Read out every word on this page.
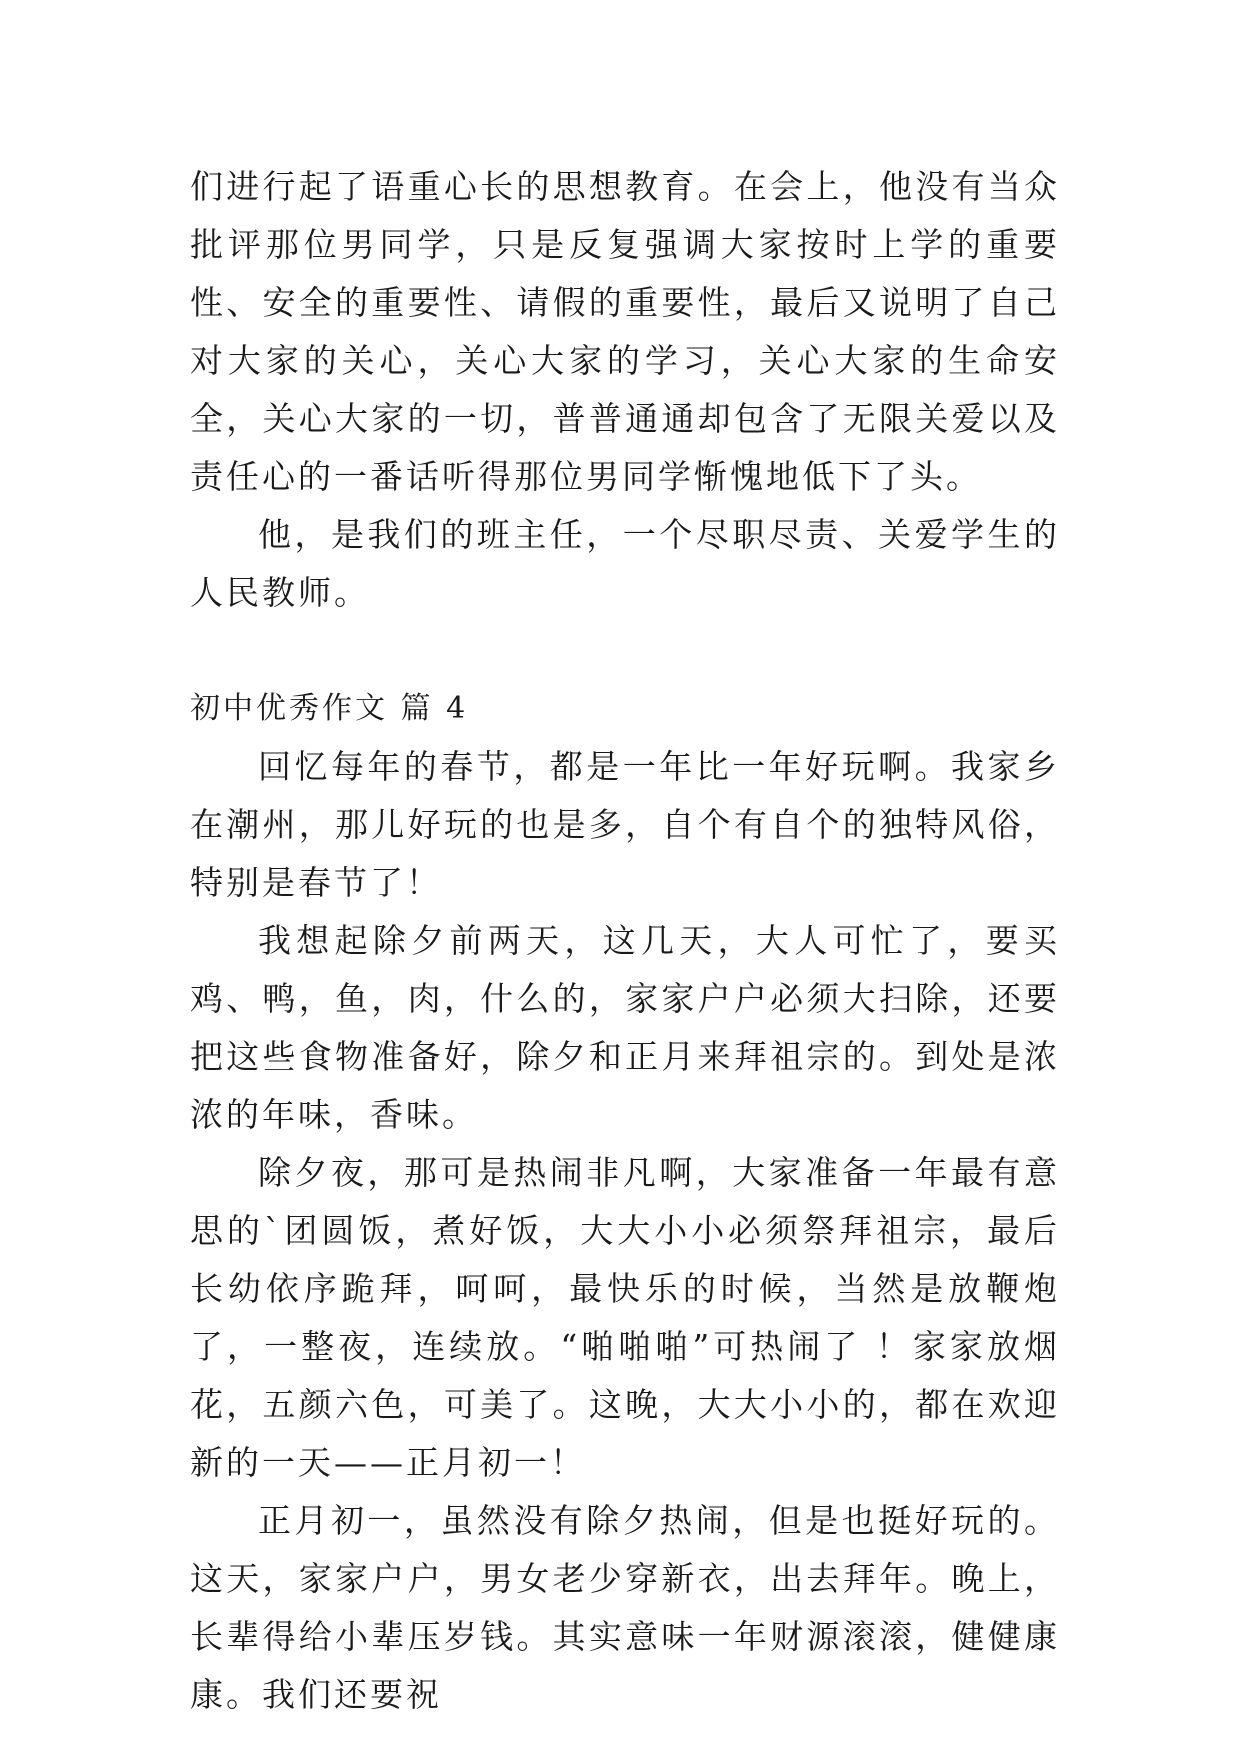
们进行起了语重心长的思想教育。在会上，他没有当众批评那位男同学，只是反复强调大家按时上学的重要性、安全的重要性、请假的重要性，最后又说明了自己对大家的关心，关心大家的学习，关心大家的生命安全，关心大家的一切，普普通通却包含了无限关爱以及责任心的一番话听得那位男同学惭愧地低下了头。

他，是我们的班主任，一个尽职尽责、关爱学生的人民教师。

初中优秀作文 篇 4

回忆每年的春节，都是一年比一年好玩啊。我家乡在潮州，那儿好玩的也是多，自个有自个的独特风俗，特别是春节了！

我想起除夕前两天，这几天，大人可忙了，要买鸡、鸭，鱼，肉，什么的，家家户户必须大扫除，还要把这些食物准备好，除夕和正月来拜祖宗的。到处是浓浓的年味，香味。

除夕夜，那可是热闹非凡啊，大家准备一年最有意思的`团圆饭，煮好饭，大大小小必须祭拜祖宗，最后长幼依序跪拜，呵呵，最快乐的时候，当然是放鞭炮了，一整夜，连续放。“啪啪啪”可热闹了 ！家家放烟花，五颜六色，可美了。这晚，大大小小的，都在欢迎新的一天——正月初一！

正月初一，虽然没有除夕热闹，但是也挺好玩的。这天，家家户户，男女老少穿新衣，出去拜年。晚上，长辈得给小辈压岁钱。其实意味一年财源滚滚，健健康康。我们还要祝
